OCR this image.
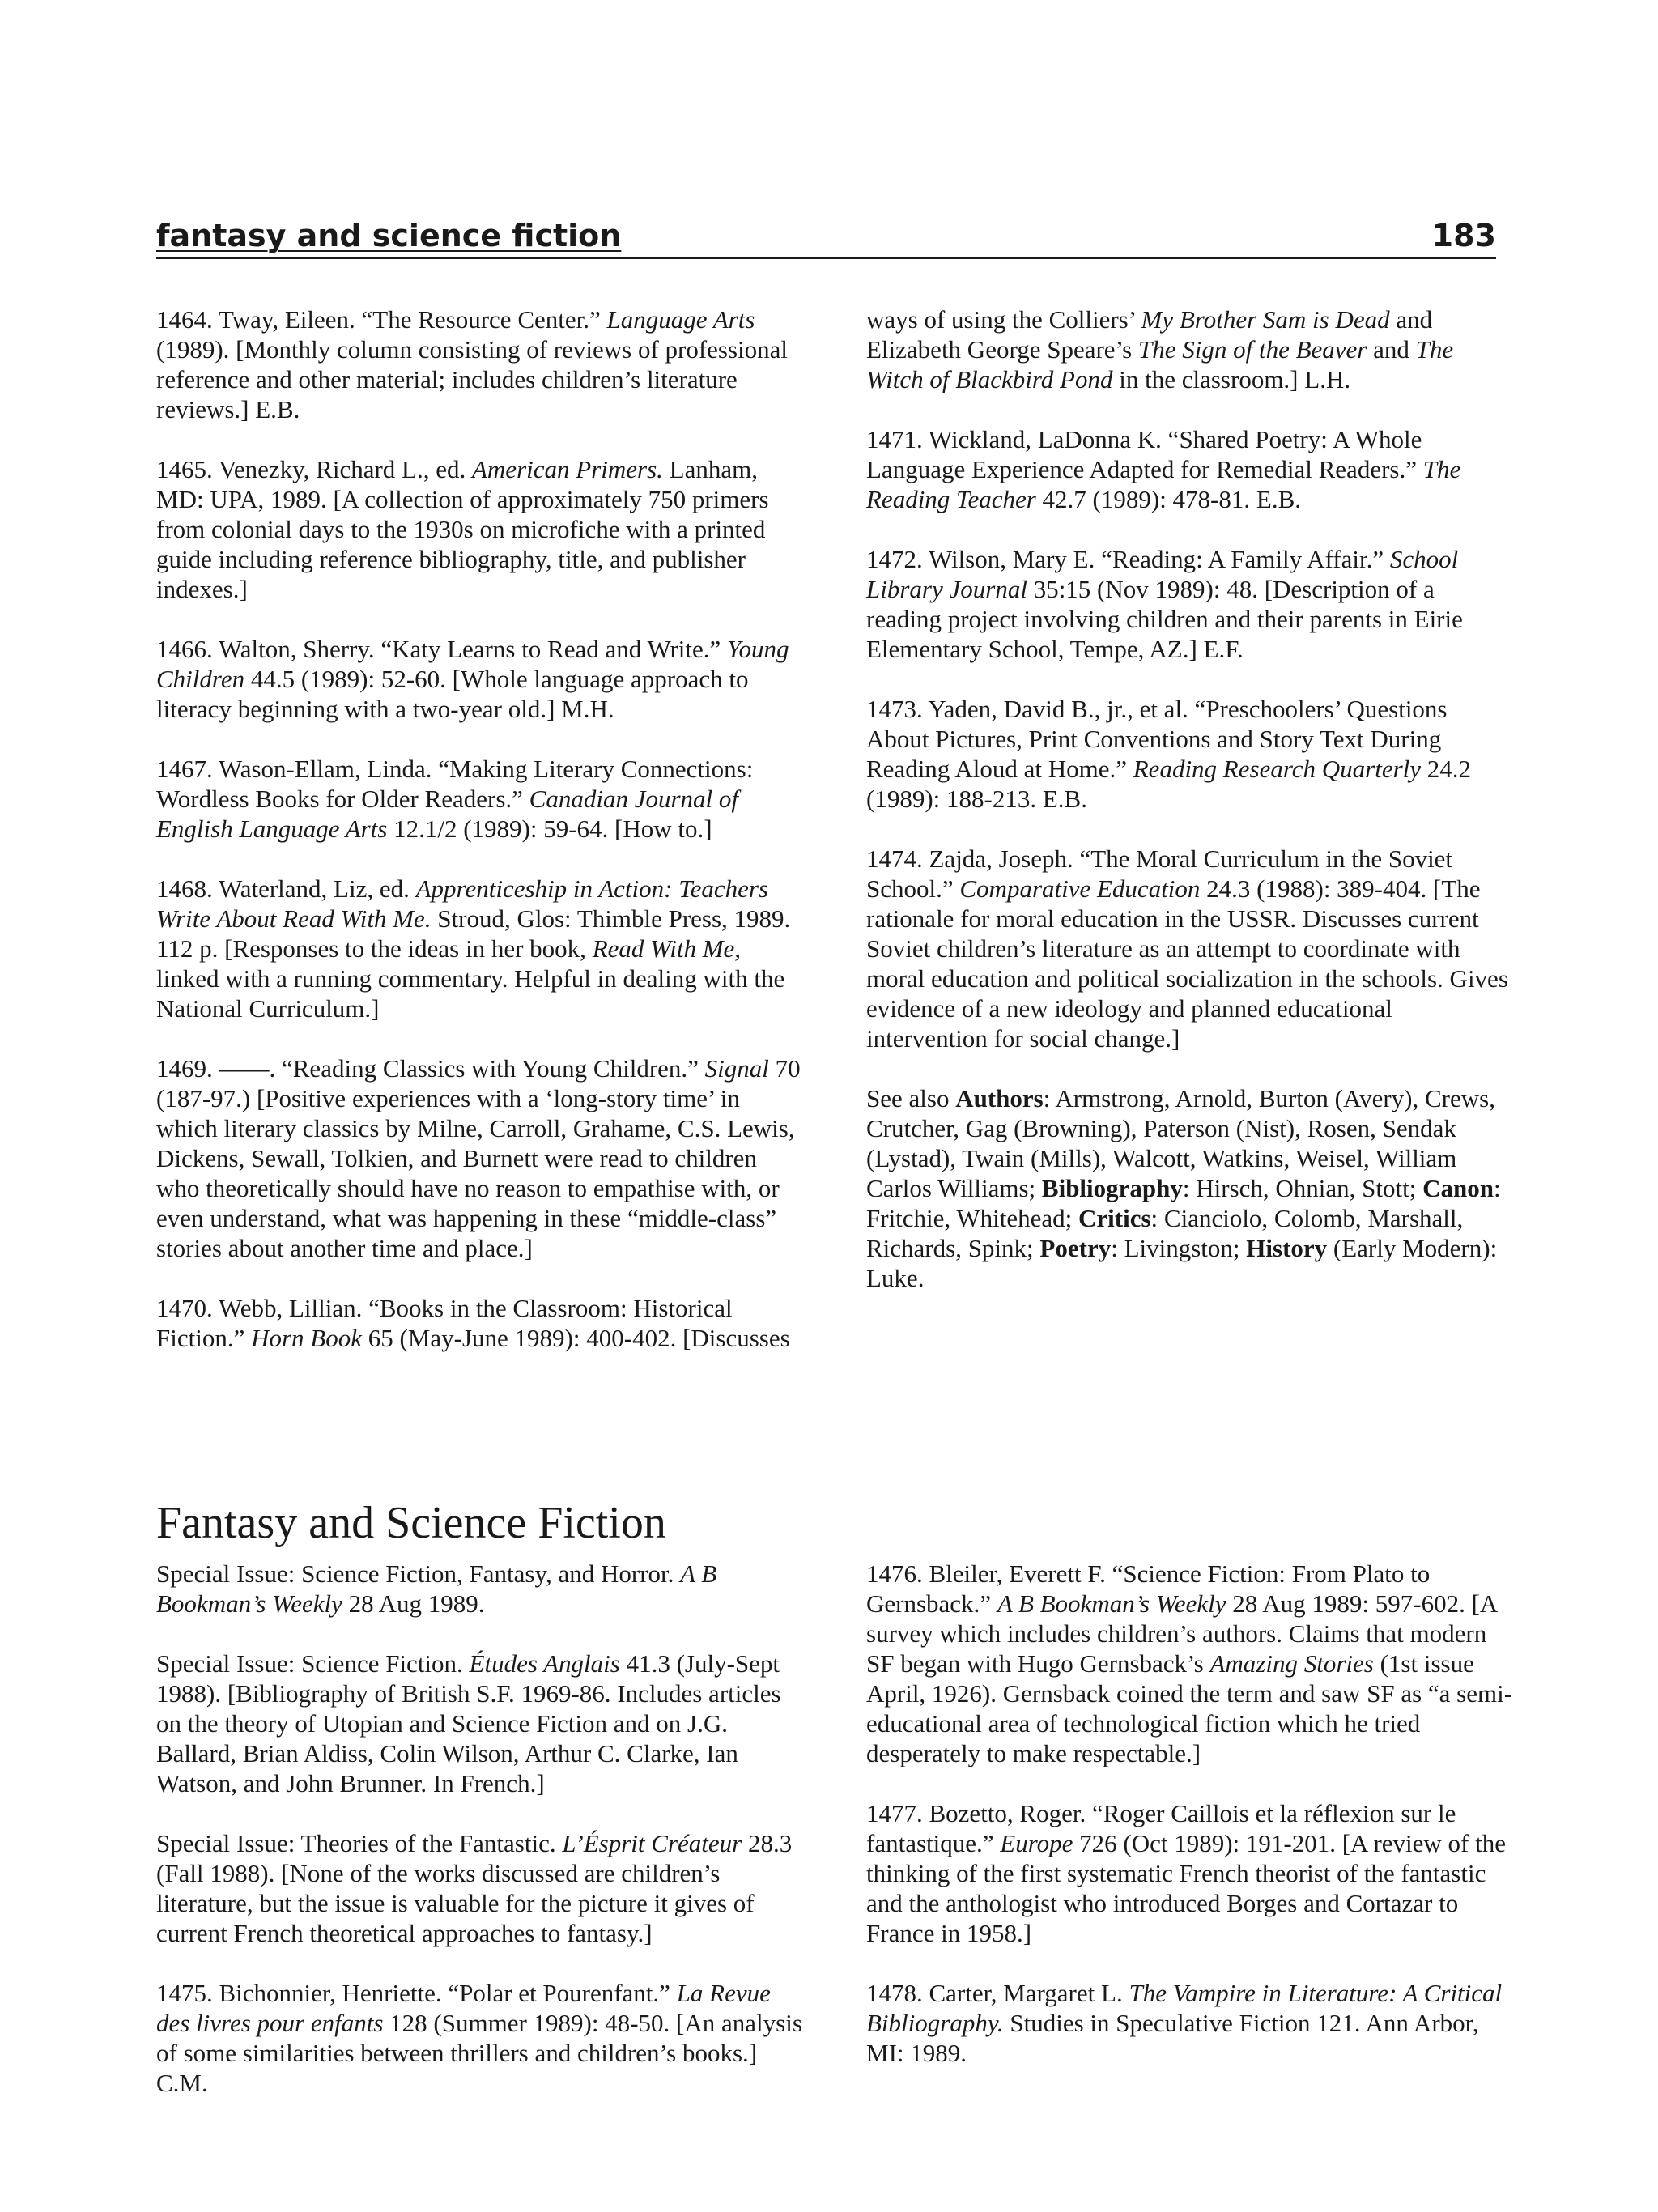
fantasy and science fiction	183

1464. Tway, Eileen. “The Resource Center.” Language Arts (1989). [Monthly column consisting of reviews of professional reference and other material; includes children’s literature reviews.] E.B.

1465. Venezky, Richard L., ed. American Primers. Lanham, MD: UPA, 1989. [A collection of approximately 750 primers from colonial days to the 1930s on microfiche with a printed guide including reference bibliography, title, and publisher indexes.]

1466. Walton, Sherry. “Katy Learns to Read and Write.” Young Children 44.5 (1989): 52-60. [Whole language approach to literacy beginning with a two-year old.] M.H.

1467. Wason-Ellam, Linda. “Making Literary Connections: Wordless Books for Older Readers.” Canadian Journal of English Language Arts 12.1/2 (1989): 59-64. [How to.]

1468. Waterland, Liz, ed. Apprenticeship in Action: Teachers Write About Read With Me. Stroud, Glos: Thimble Press, 1989. 112 p. [Responses to the ideas in her book, Read With Me, linked with a running commentary. Helpful in dealing with the National Curriculum.]

1469. ——. “Reading Classics with Young Children.” Signal 70 (187-97.) [Positive experiences with a ‘long-story time’ in which literary classics by Milne, Carroll, Grahame, C.S. Lewis, Dickens, Sewall, Tolkien, and Burnett were read to children who theoretically should have no reason to empathise with, or even understand, what was happening in these “middle-class” stories about another time and place.]

1470. Webb, Lillian. “Books in the Classroom: Historical Fiction.” Horn Book 65 (May-June 1989): 400-402. [Discusses

ways of using the Colliers’ My Brother Sam is Dead and Elizabeth George Speare’s The Sign of the Beaver and The Witch of Blackbird Pond in the classroom.] L.H.

1471. Wickland, LaDonna K. “Shared Poetry: A Whole Language Experience Adapted for Remedial Readers.” The Reading Teacher 42.7 (1989): 478-81. E.B.

1472. Wilson, Mary E. “Reading: A Family Affair.” School Library Journal 35:15 (Nov 1989): 48. [Description of a reading project involving children and their parents in Eirie Elementary School, Tempe, AZ.] E.F.

1473. Yaden, David B., jr., et al. “Preschoolers’ Questions About Pictures, Print Conventions and Story Text During Reading Aloud at Home.” Reading Research Quarterly 24.2 (1989): 188-213. E.B.

1474. Zajda, Joseph. “The Moral Curriculum in the Soviet School.” Comparative Education 24.3 (1988): 389-404. [The rationale for moral education in the USSR. Discusses current Soviet children’s literature as an attempt to coordinate with moral education and political socialization in the schools. Gives evidence of a new ideology and planned educational intervention for social change.]

See also Authors: Armstrong, Arnold, Burton (Avery), Crews, Crutcher, Gag (Browning), Paterson (Nist), Rosen, Sendak (Lystad), Twain (Mills), Walcott, Watkins, Weisel, William Carlos Williams; Bibliography: Hirsch, Ohnian, Stott; Canon: Fritchie, Whitehead; Critics: Cianciolo, Colomb, Marshall, Richards, Spink; Poetry: Livingston; History (Early Modern): Luke.

Fantasy and Science Fiction

Special Issue: Science Fiction, Fantasy, and Horror. A B Bookman’s Weekly 28 Aug 1989.

Special Issue: Science Fiction. Études Anglais 41.3 (July-Sept 1988). [Bibliography of British S.F. 1969-86. Includes articles on the theory of Utopian and Science Fiction and on J.G. Ballard, Brian Aldiss, Colin Wilson, Arthur C. Clarke, Ian Watson, and John Brunner. In French.]

Special Issue: Theories of the Fantastic. L’Ésprit Créateur 28.3 (Fall 1988). [None of the works discussed are children’s literature, but the issue is valuable for the picture it gives of current French theoretical approaches to fantasy.]

1475. Bichonnier, Henriette. “Polar et Pourenfant.” La Revue des livres pour enfants 128 (Summer 1989): 48-50. [An analysis of some similarities between thrillers and children’s books.] C.M.

1476. Bleiler, Everett F. “Science Fiction: From Plato to Gernsback.” A B Bookman’s Weekly 28 Aug 1989: 597-602. [A survey which includes children’s authors. Claims that modern SF began with Hugo Gernsback’s Amazing Stories (1st issue April, 1926). Gernsback coined the term and saw SF as “a semi-educational area of technological fiction which he tried desperately to make respectable.]

1477. Bozetto, Roger. “Roger Caillois et la réflexion sur le fantastique.” Europe 726 (Oct 1989): 191-201. [A review of the thinking of the first systematic French theorist of the fantastic and the anthologist who introduced Borges and Cortazar to France in 1958.]

1478. Carter, Margaret L. The Vampire in Literature: A Critical Bibliography. Studies in Speculative Fiction 121. Ann Arbor, MI: 1989.
